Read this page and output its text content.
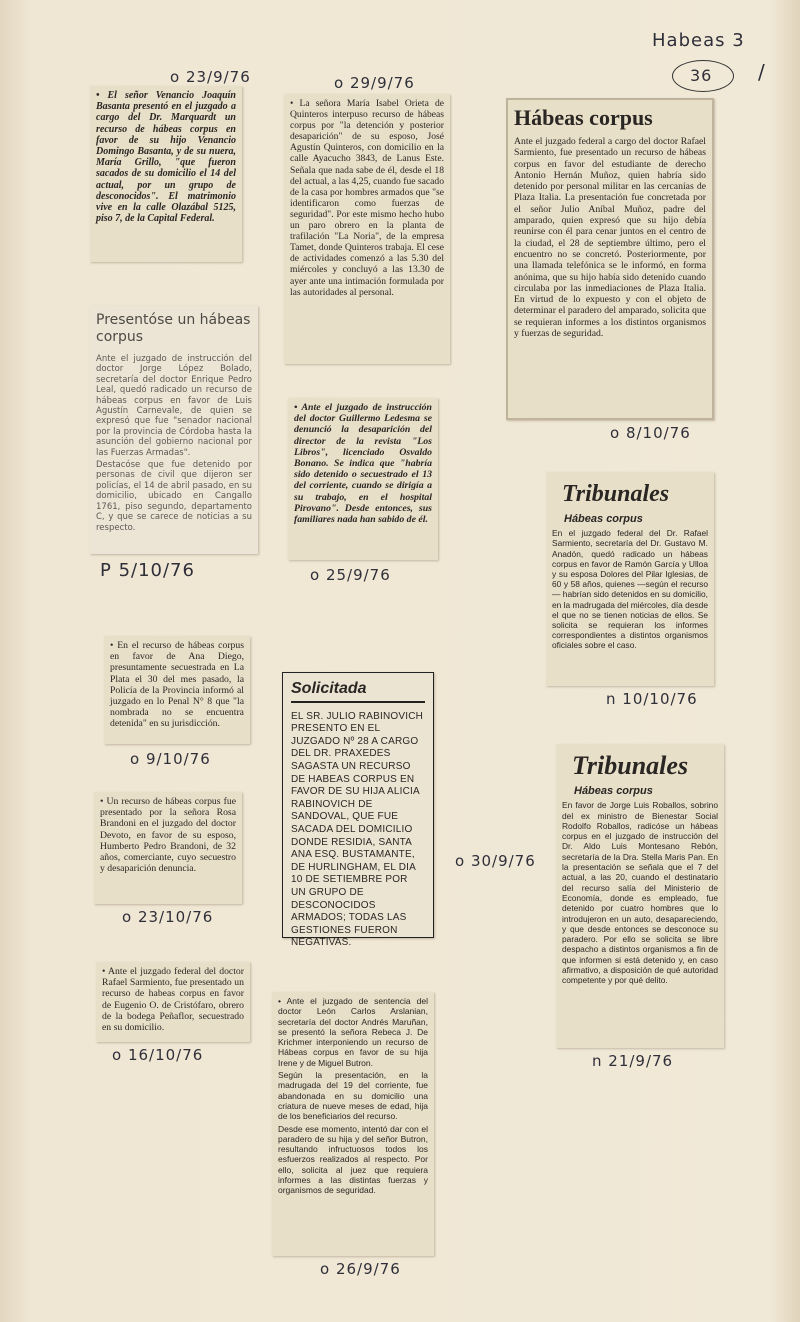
Habeas 3
36 /
o 23/9/76	o 29/9/76
P 5/10/76	o 25/9/76
o 8/10/76
n 10/10/76
o 9/10/76
o 30/9/76
o 23/10/76
o 16/10/76	n 21/9/76
o 26/9/76

• El señor Venancio Joaquín Basanta presentó en el juzgado a cargo del Dr. Marquardt un recurso de hábeas corpus en favor de su hijo Venancio Domingo Basanta, y de su nuera, María Grillo, "que fueron sacados de su domicilio el 14 del actual, por un grupo de desconocidos". El matrimonio vive en la calle Olazábal 5125, piso 7, de la Capital Federal.

• La señora María Isabel Orieta de Quinteros interpuso recurso de hábeas corpus por "la detención y posterior desaparición" de su esposo, José Agustín Quinteros, con domicilio en la calle Ayacucho 3843, de Lanus Este. Señala que nada sabe de él, desde el 18 del actual, a las 4,25, cuando fue sacado de la casa por hombres armados que "se identificaron como fuerzas de seguridad". Por este mismo hecho hubo un paro obrero en la planta de trafilación "La Noria", de la empresa Tamet, donde Quinteros trabaja. El cese de actividades comenzó a las 5.30 del miércoles y concluyó a las 13.30 de ayer ante una intimación formulada por las autoridades al personal.

Hábeas corpus

Ante el juzgado federal a cargo del doctor Rafael Sarmiento, fue presentado un recurso de hábeas corpus en favor del estudiante de derecho Antonio Hernán Muñoz, quien habría sido detenido por personal militar en las cercanías de Plaza Italia. La presentación fue concretada por el señor Julio Aníbal Muñoz, padre del amparado, quien expresó que su hijo debía reunirse con él para cenar juntos en el centro de la ciudad, el 28 de septiembre último, pero el encuentro no se concretó. Posteriormente, por una llamada telefónica se le informó, en forma anónima, que su hijo había sido detenido cuando circulaba por las inmediaciones de Plaza Italia. En virtud de lo expuesto y con el objeto de determinar el paradero del amparado, solicita que se requieran informes a los distintos organismos y fuerzas de seguridad.

Presentóse un hábeas corpus

Ante el juzgado de instrucción del doctor Jorge López Bolado, secretaría del doctor Enrique Pedro Leal, quedó radicado un recurso de hábeas corpus en favor de Luis Agustín Carnevale, de quien se expresó que fue "senador nacional por la provincia de Córdoba hasta la asunción del gobierno nacional por las Fuerzas Armadas".

Destacóse que fue detenido por personas de civil que dijeron ser policías, el 14 de abril pasado, en su domicilio, ubicado en Cangallo 1761, piso segundo, departamento C, y que se carece de noticias a su respecto.

• Ante el juzgado de instrucción del doctor Guillermo Ledesma se denunció la desaparición del director de la revista "Los Libros", licenciado Osvaldo Bonano. Se indica que "habría sido detenido o secuestrado el 13 del corriente, cuando se dirigía a su trabajo, en el hospital Pirovano". Desde entonces, sus familiares nada han sabido de él.

Tribunales
Hábeas corpus

En el juzgado federal del Dr. Rafael Sarmiento, secretaría del Dr. Gustavo M. Anadón, quedó radicado un hábeas corpus en favor de Ramón García y Ulloa y su esposa Dolores del Pilar Iglesias, de 60 y 58 años, quienes —según el recurso— habrían sido detenidos en su domicilio, en la madrugada del miércoles, día desde el que no se tienen noticias de ellos. Se solicita se requieran los informes correspondientes a distintos organismos oficiales sobre el caso.

• En el recurso de hábeas corpus en favor de Ana Diego, presuntamente secuestrada en La Plata el 30 del mes pasado, la Policía de la Provincia informó al juzgado en lo Penal N° 8 que "la nombrada no se encuentra detenida" en su jurisdicción.

Solicitada
EL SR. JULIO RABINOVICH PRESENTO EN EL JUZGADO Nº 28 A CARGO DEL DR. PRAXEDES SAGASTA UN RECURSO DE HABEAS CORPUS EN FAVOR DE SU HIJA ALICIA RABINOVICH DE SANDOVAL, QUE FUE SACADA DEL DOMICILIO DONDE RESIDIA, SANTA ANA ESQ. BUSTAMANTE, DE HURLINGHAM, EL DIA 10 DE SETIEMBRE POR UN GRUPO DE DESCONOCIDOS ARMADOS; TODAS LAS GESTIONES FUERON NEGATIVAS.
Tribunales
Hábeas corpus

En favor de Jorge Luis Roballos, sobrino del ex ministro de Bienestar Social Rodolfo Roballos, radicóse un hábeas corpus en el juzgado de instrucción del Dr. Aldo Luis Montesano Rebón, secretaría de la Dra. Stella Maris Pan. En la presentación se señala que el 7 del actual, a las 20, cuando el destinatario del recurso salía del Ministerio de Economía, donde es empleado, fue detenido por cuatro hombres que lo introdujeron en un auto, desapareciendo, y que desde entonces se desconoce su paradero. Por ello se solicita se libre despacho a distintos organismos a fin de que informen si está detenido y, en caso afirmativo, a disposición de qué autoridad competente y por qué delito.

• Un recurso de hábeas corpus fue presentado por la señora Rosa Brandoni en el juzgado del doctor Devoto, en favor de su esposo, Humberto Pedro Brandoni, de 32 años, comerciante, cuyo secuestro y desaparición denuncia.

• Ante el juzgado federal del doctor Rafael Sarmiento, fue presentado un recurso de habeas corpus en favor de Eugenio O. de Cristófaro, obrero de la bodega Peñaflor, secuestrado en su domicilio.

• Ante el juzgado de sentencia del doctor León Carlos Arslanian, secretaría del doctor Andrés Maruñan, se presentó la señora Rebeca J. De Krichmer interponiendo un recurso de Hábeas corpus en favor de su hija Irene y de Miguel Butron.

Según la presentación, en la madrugada del 19 del corriente, fue abandonada en su domicilio una criatura de nueve meses de edad, hija de los beneficiarios del recurso.

Desde ese momento, intentó dar con el paradero de su hija y del señor Butron, resultando infructuosos todos los esfuerzos realizados al respecto. Por ello, solicita al juez que requiera informes a las distintas fuerzas y organismos de seguridad.
